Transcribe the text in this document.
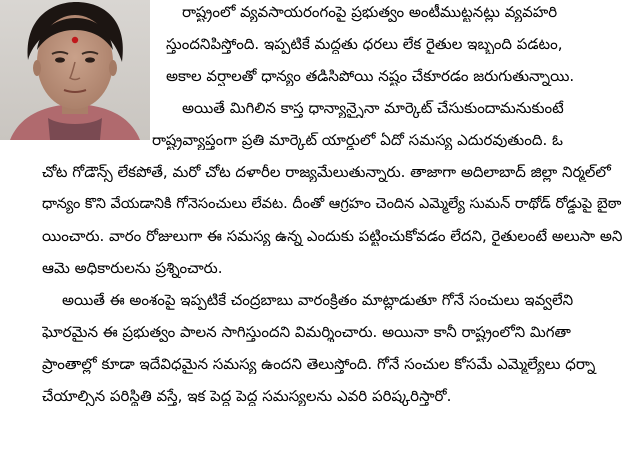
రాష్ట్రంలో వ్యవసాయరంగంపై ప్రభుత్వం అంటీముట్టనట్లు వ్యవహరి
స్తుందనిపిస్తోంది. ఇప్పటికే మద్దతు ధరలు లేక రైతుల ఇబ్బంది పడటం,
అకాల వర్షాలతో ధాన్యం తడిసిపోయి నష్టం చేకూరడం జరుగుతున్నాయి.
అయితే మిగిలిన కాస్త ధాన్యాన్నైనా మార్కెట్ చేసుకుందామనుకుంటే
రాష్ట్రవ్యాప్తంగా ప్రతి మార్కెట్ యార్డులో ఏదో సమస్య ఎదురవుతుంది. ఓ
చోట గోడౌన్స్ లేకపోతే, మరో చోట దళారీల రాజ్యమేలుతున్నారు. తాజాగా అదిలాబాద్ జిల్లా నిర్మల్‌లో
ధాన్యం కొని వేయడానికి గోనెసంచులు లేవట. దీంతో ఆగ్రహం చెందిన ఎమ్మెల్యే సుమన్ రాథోడ్ రోడ్డుపై బైఠా
యించారు. వారం రోజులుగా ఈ సమస్య ఉన్న ఎందుకు పట్టించుకోవడం లేదని, రైతులంటే అలుసా అని
ఆమె అధికారులను ప్రశ్నించారు.
అయితే ఈ అంశంపై ఇప్పటికే చంద్రబాబు వారంక్రితం మాట్లాడుతూ గోనే సంచులు ఇవ్వలేని
ఘోరమైన ఈ ప్రభుత్వం పాలన సాగిస్తుందని విమర్శించారు. అయినా కానీ రాష్ట్రంలోని మిగతా
ప్రాంతాల్లో కూడా ఇదేవిధమైన సమస్య ఉందని తెలుస్తోంది. గోనే సంచుల కోసమే ఎమ్మెల్యేలు ధర్నా
చేయాల్సిన పరిస్థితి వస్తే, ఇక పెద్ద పెద్ద సమస్యలను ఎవరి పరిష్కరిస్తారో.
